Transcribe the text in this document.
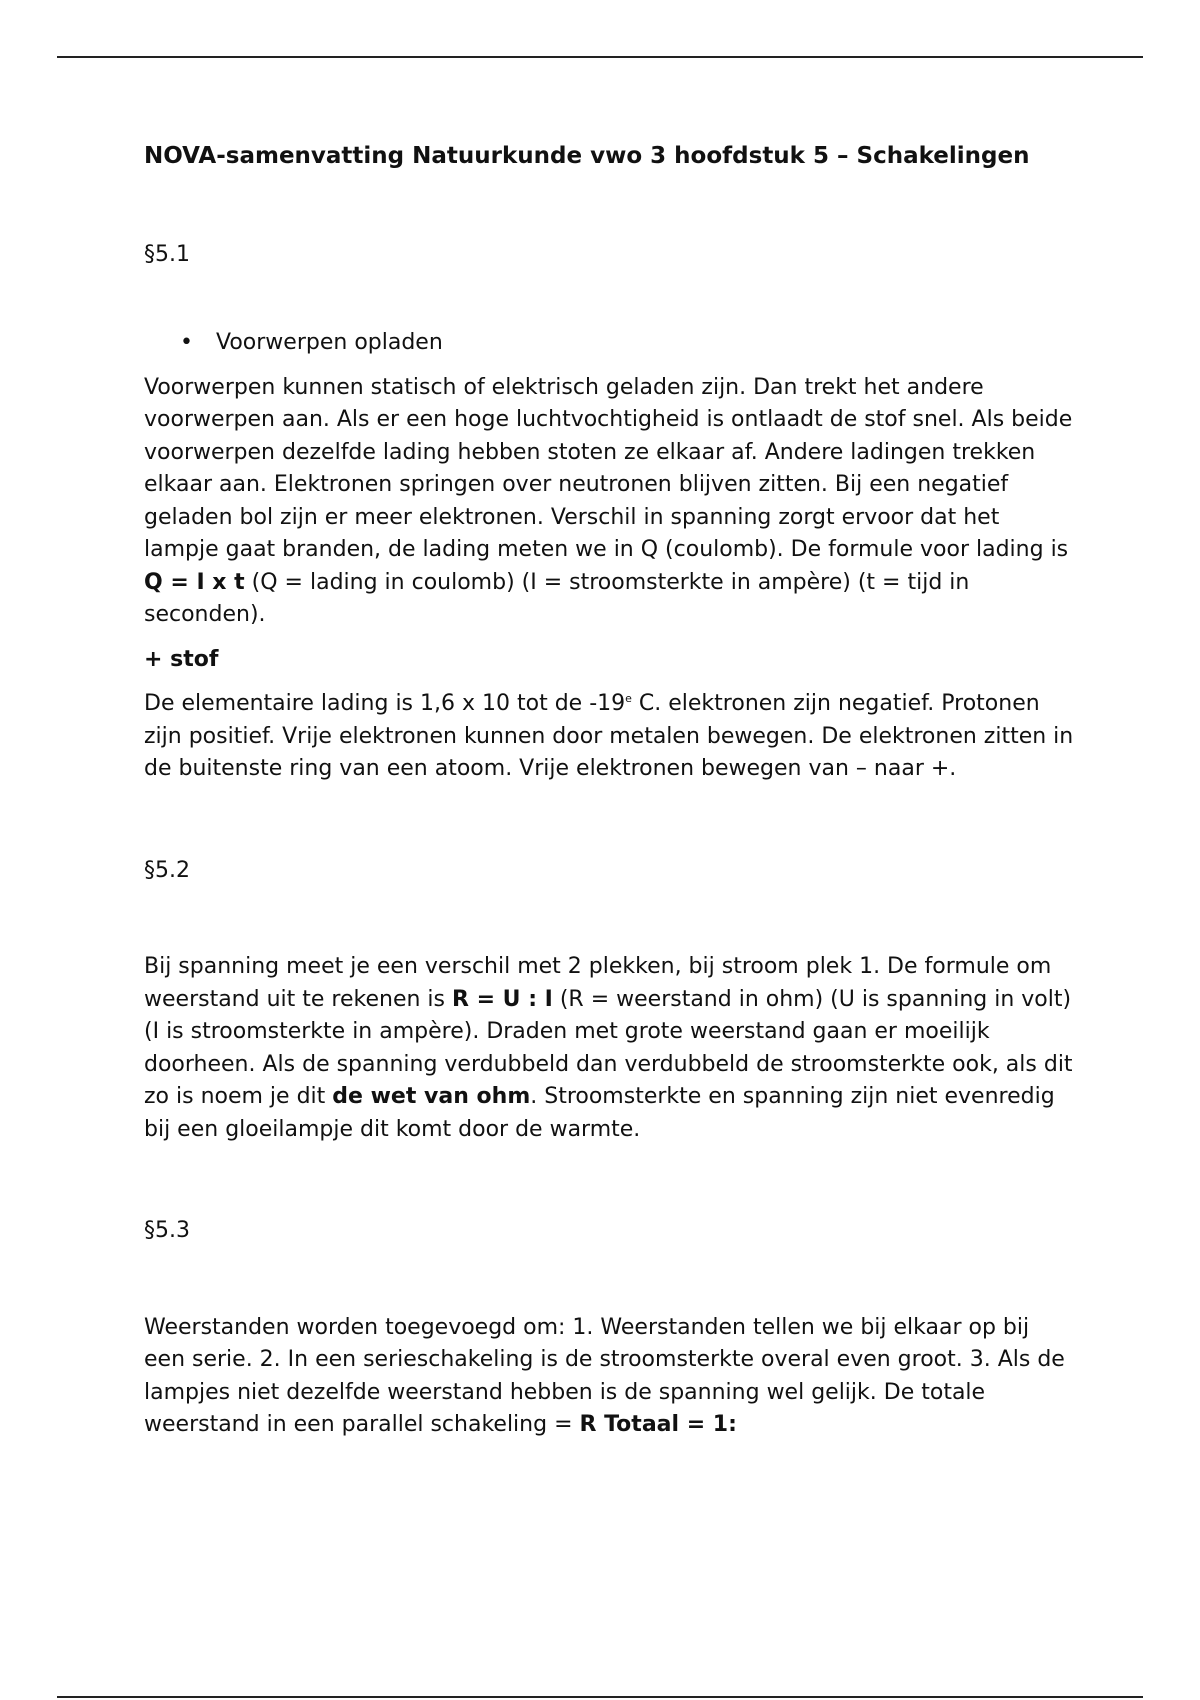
NOVA-samenvatting Natuurkunde vwo 3 hoofdstuk 5 – Schakelingen

§5.1

•	Voorwerpen opladen

Voorwerpen kunnen statisch of elektrisch geladen zijn. Dan trekt het andere voorwerpen aan. Als er een hoge luchtvochtigheid is ontlaadt de stof snel. Als beide voorwerpen dezelfde lading hebben stoten ze elkaar af. Andere ladingen trekken elkaar aan. Elektronen springen over neutronen blijven zitten. Bij een negatief geladen bol zijn er meer elektronen. Verschil in spanning zorgt ervoor dat het lampje gaat branden, de lading meten we in Q (coulomb). De formule voor lading is Q = I x t (Q = lading in coulomb) (I = stroomsterkte in ampère) (t = tijd in seconden).

+ stof

De elementaire lading is 1,6 x 10 tot de -19e C. elektronen zijn negatief. Protonen zijn positief. Vrije elektronen kunnen door metalen bewegen. De elektronen zitten in de buitenste ring van een atoom. Vrije elektronen bewegen van – naar +.

§5.2

Bij spanning meet je een verschil met 2 plekken, bij stroom plek 1. De formule om weerstand uit te rekenen is R = U : I (R = weerstand in ohm) (U is spanning in volt) (I is stroomsterkte in ampère). Draden met grote weerstand gaan er moeilijk doorheen. Als de spanning verdubbeld dan verdubbeld de stroomsterkte ook, als dit zo is noem je dit de wet van ohm. Stroomsterkte en spanning zijn niet evenredig bij een gloeilampje dit komt door de warmte.

§5.3

Weerstanden worden toegevoegd om: 1. Weerstanden tellen we bij elkaar op bij een serie. 2. In een serieschakeling is de stroomsterkte overal even groot. 3. Als de lampjes niet dezelfde weerstand hebben is de spanning wel gelijk. De totale weerstand in een parallel schakeling = R Totaal = 1:
